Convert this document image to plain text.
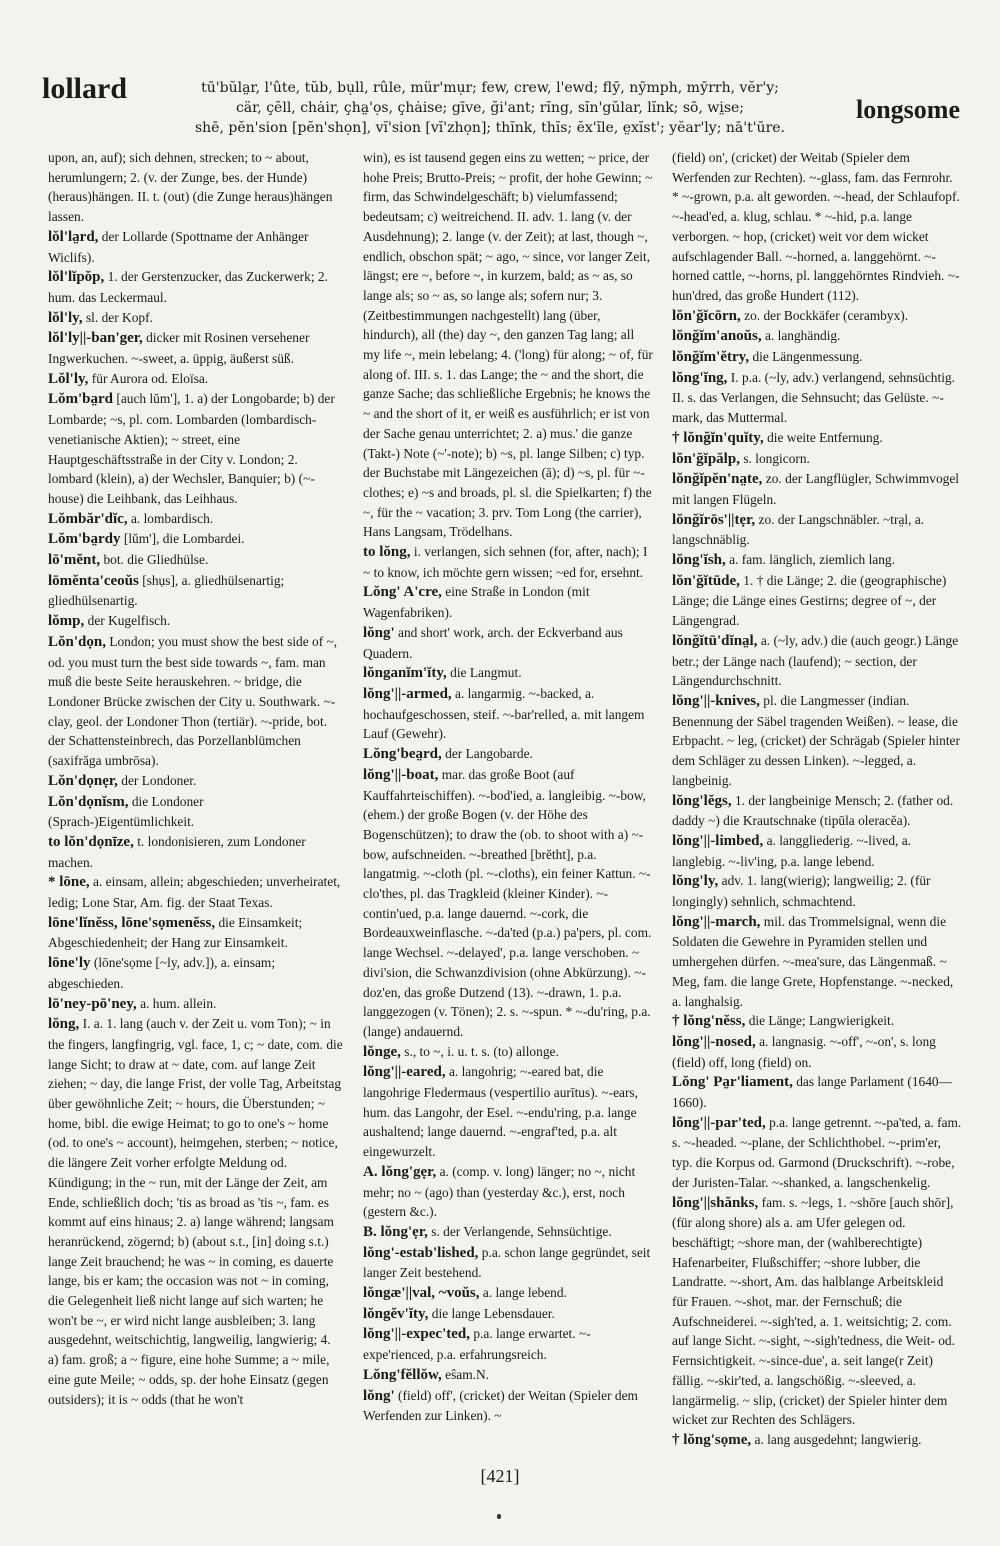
lollard	tū'bŭla̤r, l'ûte, tŭb, bụll, rûle, mür'mụr; few, crew, l'ewd; flӯ, nӯmph, mӯrrh, vĕr'y;
cär, çĕll, chȧir, çha̤'ọs, çhȧise; gīve, ği'ant; rĭng, sĭn'gŭlar, lĭnk; sō, wi̤se;
shē, pĕn'sion [pĕn'shọn], vĭ'sion [vĭ'zhọn]; thĭnk, thĭs; ĕx'ĭle, e̤xĭst'; yĕar'ly; nā't'ūre.
longsome

upon, an, auf); sich dehnen, strecken; to ~ about, herumlungern; 2. (v. der Zunge, bes. der Hunde) (heraus)hängen. II. t. (out) (die Zunge heraus)hängen lassen.

lŏl'la̤rd, der Lollarde (Spottname der Anhänger Wiclifs).

lŏl'lĭpŏp, 1. der Gerstenzucker, das Zuckerwerk; 2. hum. das Leckermaul.

lŏl'ly, sl. der Kopf.

lŏl'ly||-ban'ger, dicker mit Rosinen versehener Ingwerkuchen. ~-sweet, a. üppig, äußerst süß.

Lŏl'ly, für Aurora od. Eloïsa.

Lŏm'ba̤rd [auch lŭm'], 1. a) der Longobarde; b) der Lombarde; ~s, pl. com. Lombarden (lombardisch-venetianische Aktien); ~ street, eine Hauptgeschäftsstraße in der City v. London; 2. lombard (klein), a) der Wechsler, Banquier; b) (~-house) die Leihbank, das Leihhaus.

Lŏmbăr'dĭc, a. lombardisch.

Lŏm'ba̤rdy [lŭm'], die Lombardei.

lō'mĕnt, bot. die Gliedhülse.

lōmĕnta'ceoŭs [shụs], a. gliedhülsenartig; gliedhülsenartig.

lŏmp, der Kugelfisch.

Lŏn'dọn, London; you must show the best side of ~, od. you must turn the best side towards ~, fam. man muß die beste Seite herauskehren. ~ bridge, die Londoner Brücke zwischen der City u. Southwark. ~-clay, geol. der Londoner Thon (tertiär). ~-pride, bot. der Schattensteinbrech, das Porzellanblümchen (saxifrăga umbrōsa).

Lŏn'dọnẹr, der Londoner.

Lŏn'dọnĭsm, die Londoner (Sprach-)Eigentümlichkeit.

to lŏn'dọnīze, t. londonisieren, zum Londoner machen.

* lōne, a. einsam, allein; abgeschieden; unverheiratet, ledig; Lone Star, Am. fig. der Staat Texas.

lōne'lĭnĕss, lōne'sọmenĕss, die Einsamkeit; Abgeschiedenheit; der Hang zur Einsamkeit.

lōne'ly (lōne'sọme [~ly, adv.]), a. einsam; abgeschieden.

lō'ney-pō'ney, a. hum. allein.

lŏng, I. a. 1. lang (auch v. der Zeit u. vom Ton); ~ in the fingers, langfingrig, vgl. face, 1, c; ~ date, com. die lange Sicht; to draw at ~ date, com. auf lange Zeit ziehen; ~ day, die lange Frist, der volle Tag, Arbeitstag über gewöhnliche Zeit; ~ hours, die Überstunden; ~ home, bibl. die ewige Heimat; to go to one's ~ home (od. to one's ~ account), heimgehen, sterben; ~ notice, die längere Zeit vorher erfolgte Meldung od. Kündigung; in the ~ run, mit der Länge der Zeit, am Ende, schließlich doch; 'tis as broad as 'tis ~, fam. es kommt auf eins hinaus; 2. a) lange während; langsam heranrückend, zögernd; b) (about s.t., [in] doing s.t.) lange Zeit brauchend; he was ~ in coming, es dauerte lange, bis er kam; the occasion was not ~ in coming, die Gelegenheit ließ nicht lange auf sich warten; he won't be ~, er wird nicht lange ausbleiben; 3. lang ausgedehnt, weitschichtig, langweilig, langwierig; 4. a) fam. groß; a ~ figure, eine hohe Summe; a ~ mile, eine gute Meile; ~ odds, sp. der hohe Einsatz (gegen outsiders); it is ~ odds (that he won't

win), es ist tausend gegen eins zu wetten; ~ price, der hohe Preis; Brutto-Preis; ~ profit, der hohe Gewinn; ~ firm, das Schwindelgeschäft; b) vielumfassend; bedeutsam; c) weitreichend. II. adv. 1. lang (v. der Ausdehnung); 2. lange (v. der Zeit); at last, though ~, endlich, obschon spät; ~ ago, ~ since, vor langer Zeit, längst; ere ~, before ~, in kurzem, bald; as ~ as, so lange als; so ~ as, so lange als; sofern nur; 3. (Zeitbestimmungen nachgestellt) lang (über, hindurch), all (the) day ~, den ganzen Tag lang; all my life ~, mein lebelang; 4. ('long) für along; ~ of, für along of. III. s. 1. das Lange; the ~ and the short, die ganze Sache; das schließliche Ergebnis; he knows the ~ and the short of it, er weiß es ausführlich; er ist von der Sache genau unterrichtet; 2. a) mus.' die ganze (Takt-) Note (~'-note); b) ~s, pl. lange Silben; c) typ. der Buchstabe mit Längezeichen (ā); d) ~s, pl. für ~-clothes; e) ~s and broads, pl. sl. die Spielkarten; f) the ~, für the ~ vacation; 3. prv. Tom Long (the carrier), Hans Langsam, Trödelhans.

to lŏng, i. verlangen, sich sehnen (for, after, nach); I ~ to know, ich möchte gern wissen; ~ed for, ersehnt.

Lŏng' A'cre, eine Straße in London (mit Wagenfabriken).

lŏng' and short' work, arch. der Eckverband aus Quadern.

lŏnganĭm'ĭty, die Langmut.

lŏng'||-armed, a. langarmig. ~-backed, a. hochaufgeschossen, steif. ~-bar'relled, a. mit langem Lauf (Gewehr).

Lŏng'bea̤rd, der Langobarde.

lŏng'||-boat, mar. das große Boot (auf Kauffahrteischiffen). ~-bod'ied, a. langleibig. ~-bow, (ehem.) der große Bogen (v. der Höhe des Bogenschützen); to draw the (ob. to shoot with a) ~-bow, aufschneiden. ~-breathed [brĕtht], p.a. langatmig. ~-cloth (pl. ~-cloths), ein feiner Kattun. ~-clo'thes, pl. das Tragkleid (kleiner Kinder). ~-contin'ued, p.a. lange dauernd. ~-cork, die Bordeauxweinflasche. ~-da'ted (p.a.) pa'pers, pl. com. lange Wechsel. ~-delayed', p.a. lange verschoben. ~ divi'sion, die Schwanzdivision (ohne Abkürzung). ~-doz'en, das große Dutzend (13). ~-drawn, 1. p.a. langgezogen (v. Tönen); 2. s. ~-spun. * ~-du'ring, p.a. (lange) andauernd.

lŏnge, s., to ~, i. u. t. s. (to) allonge.

lŏng'||-eared, a. langohrig; ~-eared bat, die langohrige Fledermaus (vespertilio aurītus). ~-ears, hum. das Langohr, der Esel. ~-endu'ring, p.a. lange aushaltend; lange dauernd. ~-engraf'ted, p.a. alt eingewurzelt.

A. lŏng'gẹr, a. (comp. v. long) länger; no ~, nicht mehr; no ~ (ago) than (yesterday &c.), erst, noch (gestern &c.).

B. lŏng'ẹr, s. der Verlangende, Sehnsüchtige.

lŏng'-estab'lished, p.a. schon lange gegründet, seit langer Zeit bestehend.

lŏngæ'||val, ~voŭs, a. lange lebend.

lŏngĕv'ĭty, die lange Lebensdauer.

lŏng'||-expec'ted, p.a. lange erwartet. ~-expe'rienced, p.a. erfahrungsreich.

Lŏng'fĕllŏw, eŝam.N.

lŏng' (field) off', (cricket) der Weitan (Spieler dem Werfenden zur Linken). ~

(field) on', (cricket) der Weitab (Spieler dem Werfenden zur Rechten). ~-glass, fam. das Fernrohr. * ~-grown, p.a. alt geworden. ~-head, der Schlaufopf. ~-head'ed, a. klug, schlau. * ~-hid, p.a. lange verborgen. ~ hop, (cricket) weit vor dem wicket aufschlagender Ball. ~-horned, a. langgehörnt. ~-horned cattle, ~-horns, pl. langgehörntes Rindvieh. ~-hun'dred, das große Hundert (112).

lŏn'ğĭcōrn, zo. der Bockkäfer (cerambyx).

lŏnğĭm'anoŭs, a. langhändig.

lŏnğĭm'ĕtry, die Längenmessung.

lŏng'ĭng, I. p.a. (~ly, adv.) verlangend, sehnsüchtig. II. s. das Verlangen, die Sehnsucht; das Gelüste. ~-mark, das Muttermal.

† lŏnğĭn'quĭty, die weite Entfernung.

lŏn'ğĭpălp, s. longicorn.

lŏnğĭpĕn'na̤te, zo. der Langflügler, Schwimmvogel mit langen Flügeln.

lŏnğĭrōs'||tẹr, zo. der Langschnäbler. ~tra̤l, a. langschnäblig.

lŏng'ĭsh, a. fam. länglich, ziemlich lang.

lŏn'ğĭtūde, 1. † die Länge; 2. die (geographische) Länge; die Länge eines Gestirns; degree of ~, der Längengrad.

lŏnğĭtū'dĭna̤l, a. (~ly, adv.) die (auch geogr.) Länge betr.; der Länge nach (laufend); ~ section, der Längendurchschnitt.

lŏng'||-knives, pl. die Langmesser (indian. Benennung der Säbel tragenden Weißen). ~ lease, die Erbpacht. ~ leg, (cricket) der Schrägab (Spieler hinter dem Schläger zu dessen Linken). ~-legged, a. langbeinig.

lŏng'lĕgs, 1. der langbeinige Mensch; 2. (father od. daddy ~) die Krautschnake (tipūla oleracĕa).

lŏng'||-limbed, a. langgliederig. ~-lived, a. langlebig. ~-liv'ing, p.a. lange lebend.

lŏng'ly, adv. 1. lang(wierig); langweilig; 2. (für longingly) sehnlich, schmachtend.

lŏng'||-march, mil. das Trommelsignal, wenn die Soldaten die Gewehre in Pyramiden stellen und umhergehen dürfen. ~-mea'sure, das Längenmaß. ~ Meg, fam. die lange Grete, Hopfenstange. ~-necked, a. langhalsig.

† lŏng'nĕss, die Länge; Langwierigkeit.

lŏng'||-nosed, a. langnasig. ~-off', ~-on', s. long (field) off, long (field) on.

Lŏng' Pa̤r'liament, das lange Parlament (1640—1660).

lŏng'||-par'ted, p.a. lange getrennt. ~-pa'ted, a. fam. s. ~-headed. ~-plane, der Schlichthobel. ~-prim'er, typ. die Korpus od. Garmond (Druckschrift). ~-robe, der Juristen-Talar. ~-shanked, a. langschenkelig.

lŏng'||shănks, fam. s. ~legs, 1. ~shōre [auch shōr], (für along shore) als a. am Ufer gelegen od. beschäftigt; ~shore man, der (wahlberechtigte) Hafenarbeiter, Flußschiffer; ~shore lubber, die Landratte. ~-short, Am. das halblange Arbeitskleid für Frauen. ~-shot, mar. der Fernschuß; die Aufschneiderei. ~-sigh'ted, a. 1. weitsichtig; 2. com. auf lange Sicht. ~-sight, ~-sigh'tedness, die Weit- od. Fernsichtigkeit. ~-since-due', a. seit lange(r Zeit) fällig. ~-skir'ted, a. langschößig. ~-sleeved, a. langärmelig. ~ slip, (cricket) der Spieler hinter dem wicket zur Rechten des Schlägers.

† lŏng'sọme, a. lang ausgedehnt; langwierig.

[421]
